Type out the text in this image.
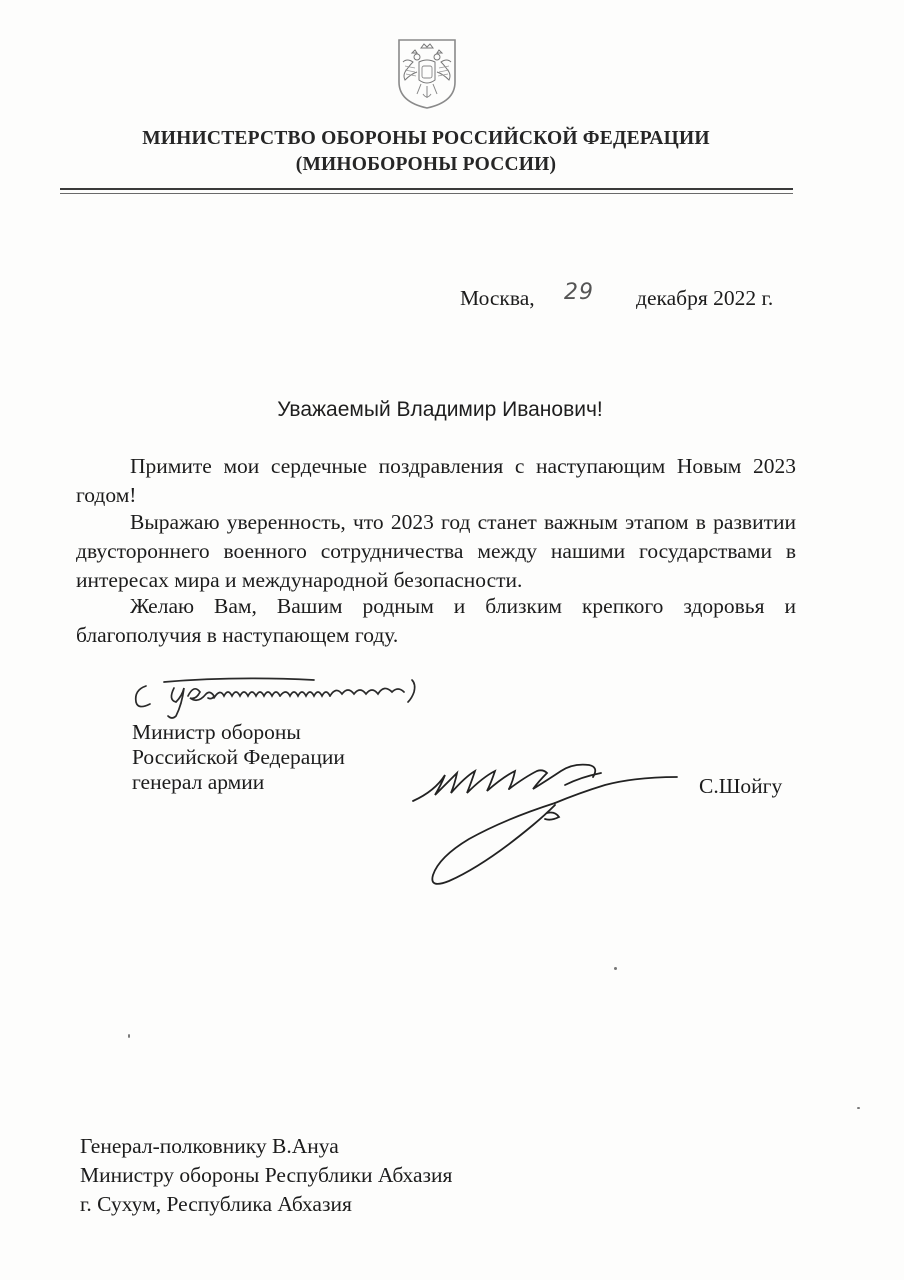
МИНИСТЕРСТВО ОБОРОНЫ РОССИЙСКОЙ ФЕДЕРАЦИИ
(МИНОБОРОНЫ РОССИИ)
Москва, 29 декабря 2022 г.
Уважаемый Владимир Иванович!

Примите мои сердечные поздравления с наступающим Новым 2023 годом!

Выражаю уверенность, что 2023 год станет важным этапом в развитии двустороннего военного сотрудничества между нашими государствами в интересах мира и международной безопасности.

Желаю Вам, Вашим родным и близким крепкого здоровья и благополучия в наступающем году.

Министр обороны
Российской Федерации
генерал армии	С.Шойгу
Генерал-полковнику В.Ануа
Министру обороны Республики Абхазия
г. Сухум, Республика Абхазия
